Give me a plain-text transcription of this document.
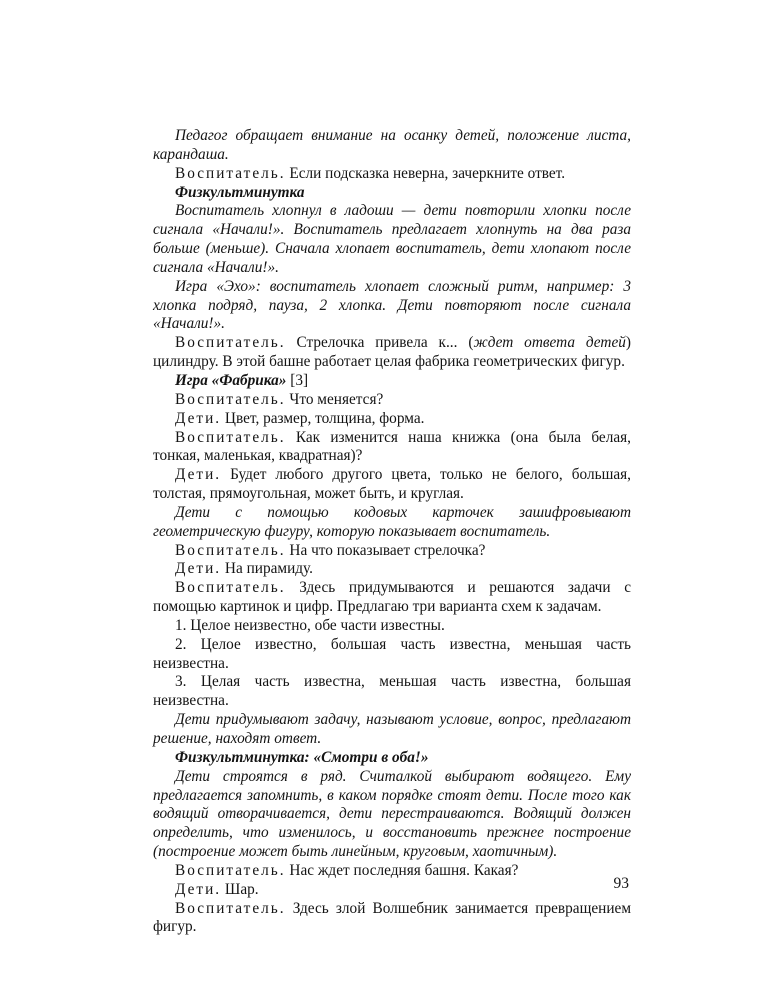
Педагог обращает внимание на осанку детей, положение листа, карандаша.

Воспитатель. Если подсказка неверна, зачеркните ответ.

Физкультминутка

Воспитатель хлопнул в ладоши — дети повторили хлопки после сигнала «Начали!». Воспитатель предлагает хлопнуть на два раза больше (меньше). Сначала хлопает воспитатель, дети хлопают после сигнала «Начали!».

Игра «Эхо»: воспитатель хлопает сложный ритм, например: 3 хлопка подряд, пауза, 2 хлопка. Дети повторяют после сигнала «Начали!».

Воспитатель. Стрелочка привела к... (ждет ответа детей) цилиндру. В этой башне работает целая фабрика геометрических фигур.

Игра «Фабрика» [3]

Воспитатель. Что меняется?

Дети. Цвет, размер, толщина, форма.

Воспитатель. Как изменится наша книжка (она была белая, тонкая, маленькая, квадратная)?

Дети. Будет любого другого цвета, только не белого, большая, толстая, прямоугольная, может быть, и круглая.

Дети с помощью кодовых карточек зашифровывают геометрическую фигуру, которую показывает воспитатель.

Воспитатель. На что показывает стрелочка?

Дети. На пирамиду.

Воспитатель. Здесь придумываются и решаются задачи с помощью картинок и цифр. Предлагаю три варианта схем к задачам.

1. Целое неизвестно, обе части известны.

2. Целое известно, большая часть известна, меньшая часть неизвестна.

3. Целая часть известна, меньшая часть известна, большая неизвестна.

Дети придумывают задачу, называют условие, вопрос, предлагают решение, находят ответ.

Физкультминутка: «Смотри в оба!»

Дети строятся в ряд. Считалкой выбирают водящего. Ему предлагается запомнить, в каком порядке стоят дети. После того как водящий отворачивается, дети перестраиваются. Водящий должен определить, что изменилось, и восстановить прежнее построение (построение может быть линейным, круговым, хаотичным).

Воспитатель. Нас ждет последняя башня. Какая?

Дети. Шар.

Воспитатель. Здесь злой Волшебник занимается превращением фигур.

93
